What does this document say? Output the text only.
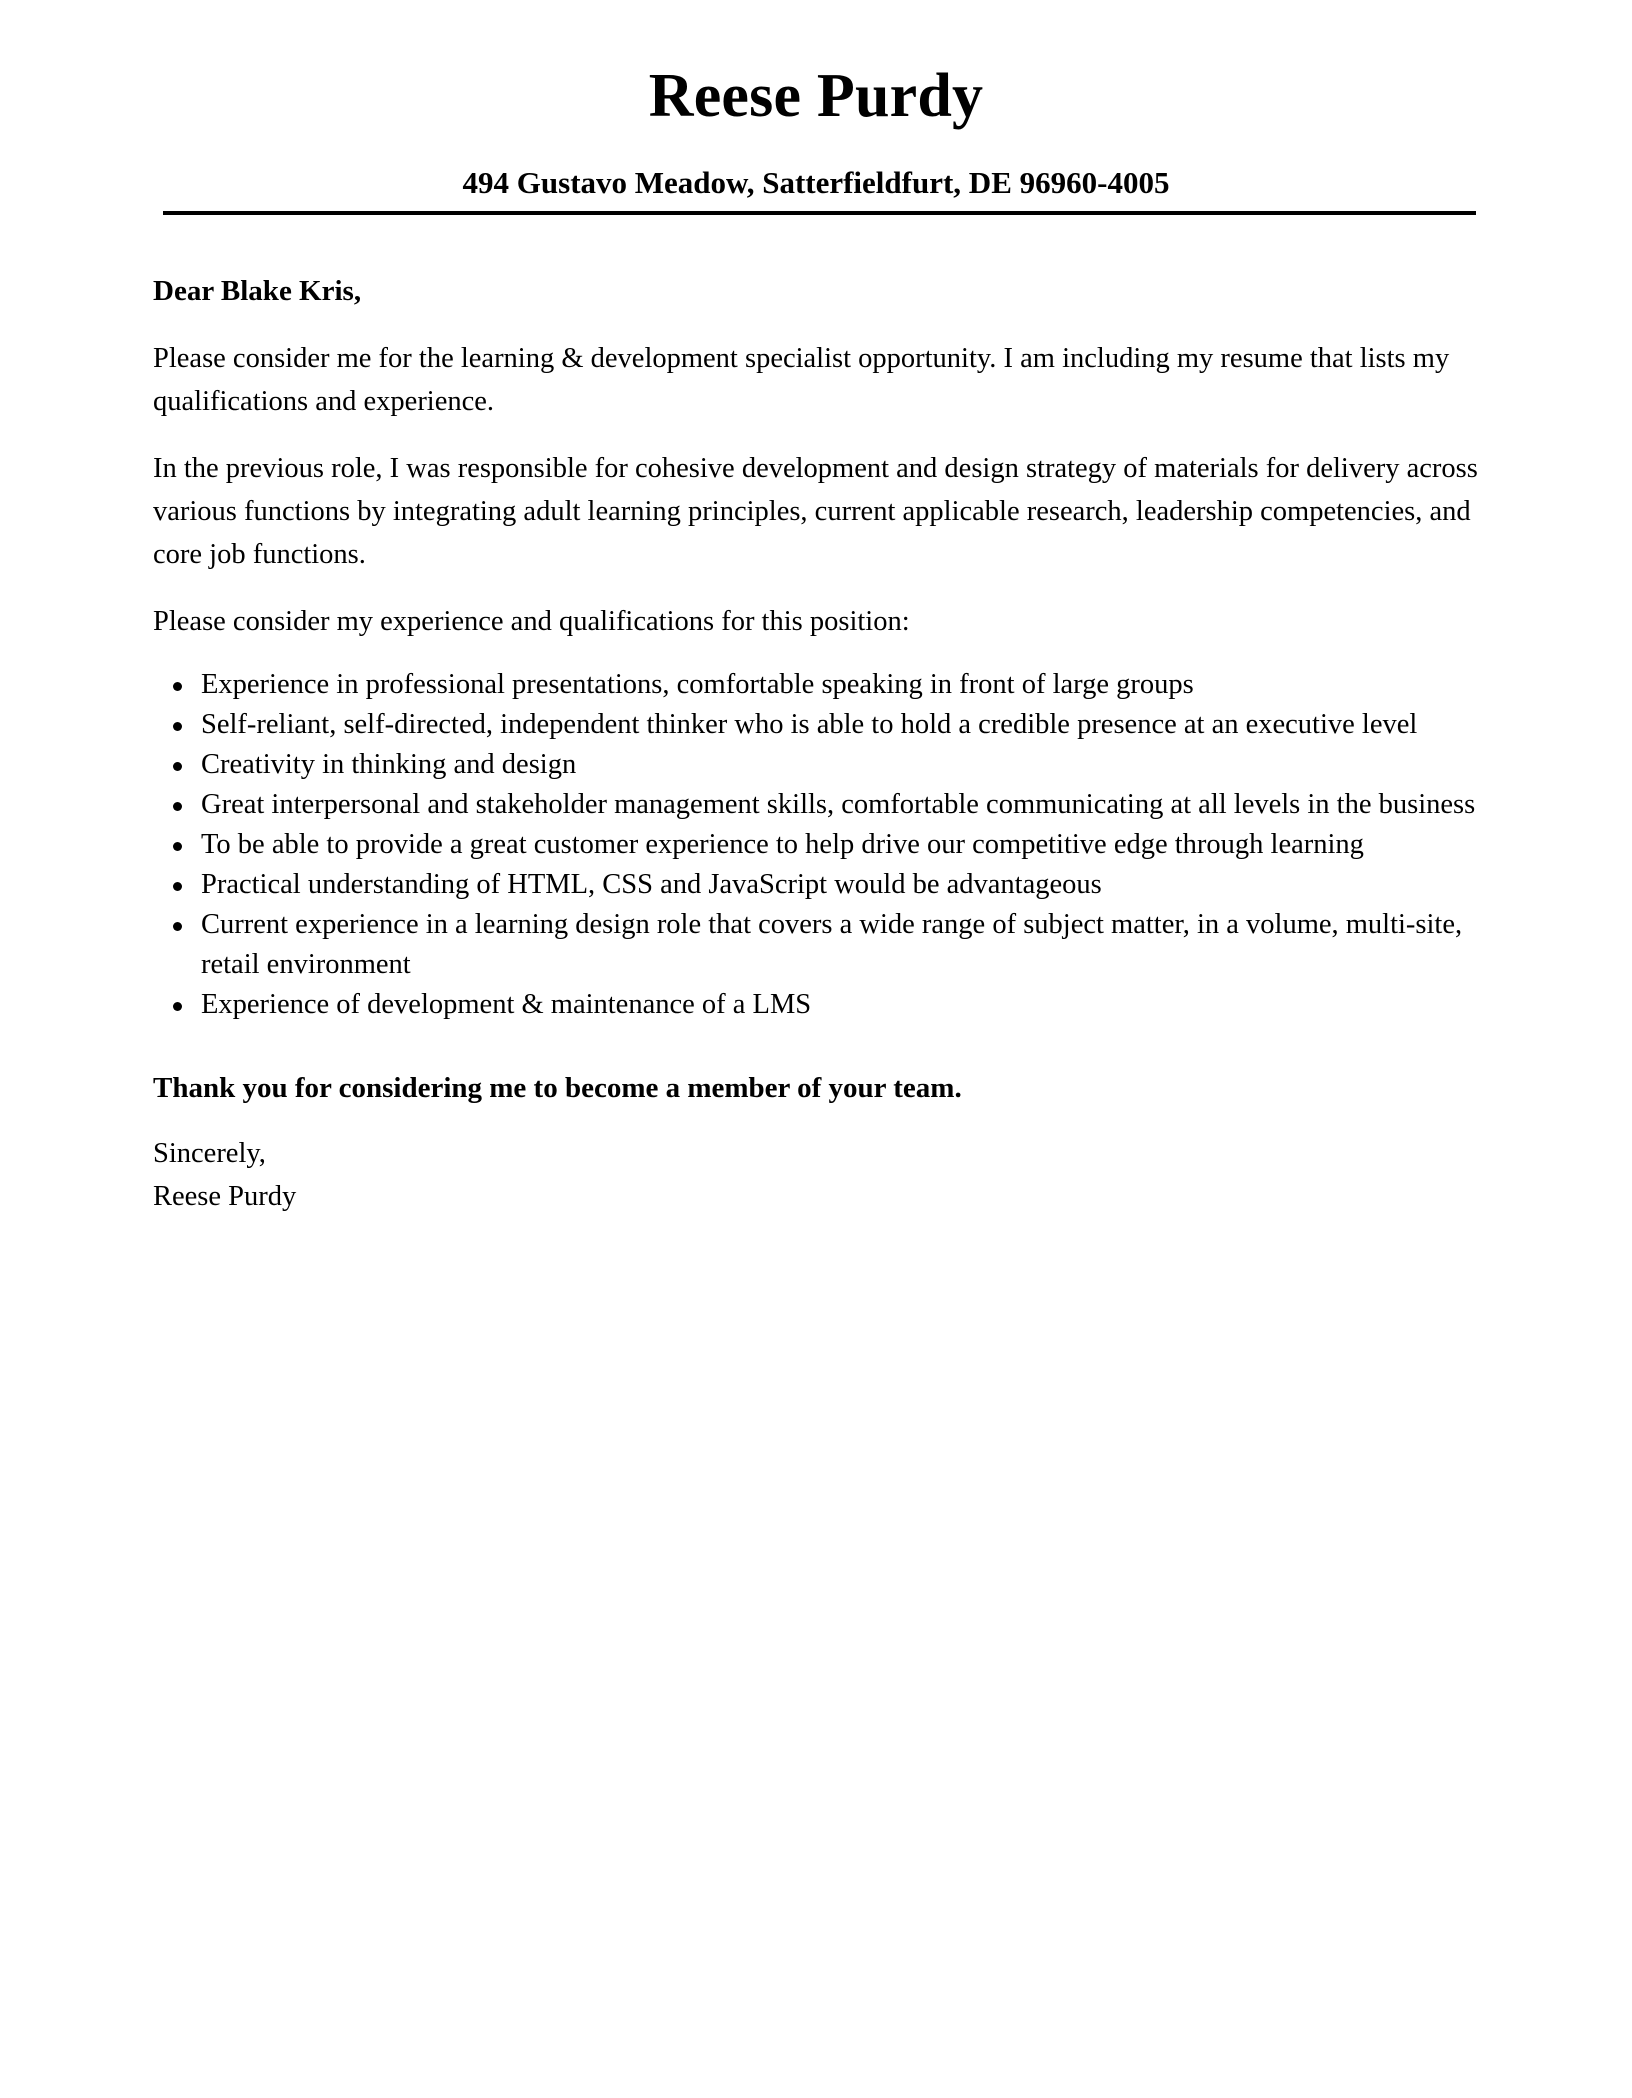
Reese Purdy
494 Gustavo Meadow, Satterfieldfurt, DE 96960-4005

Dear Blake Kris,

Please consider me for the learning & development specialist opportunity. I am including my resume that lists my qualifications and experience.

In the previous role, I was responsible for cohesive development and design strategy of materials for delivery across various functions by integrating adult learning principles, current applicable research, leadership competencies, and core job functions.

Please consider my experience and qualifications for this position:

Experience in professional presentations, comfortable speaking in front of large groups
Self-reliant, self-directed, independent thinker who is able to hold a credible presence at an executive level
Creativity in thinking and design
Great interpersonal and stakeholder management skills, comfortable communicating at all levels in the business
To be able to provide a great customer experience to help drive our competitive edge through learning
Practical understanding of HTML, CSS and JavaScript would be advantageous
Current experience in a learning design role that covers a wide range of subject matter, in a volume, multi-site, retail environment
Experience of development & maintenance of a LMS

Thank you for considering me to become a member of your team.

Sincerely,

Reese Purdy
